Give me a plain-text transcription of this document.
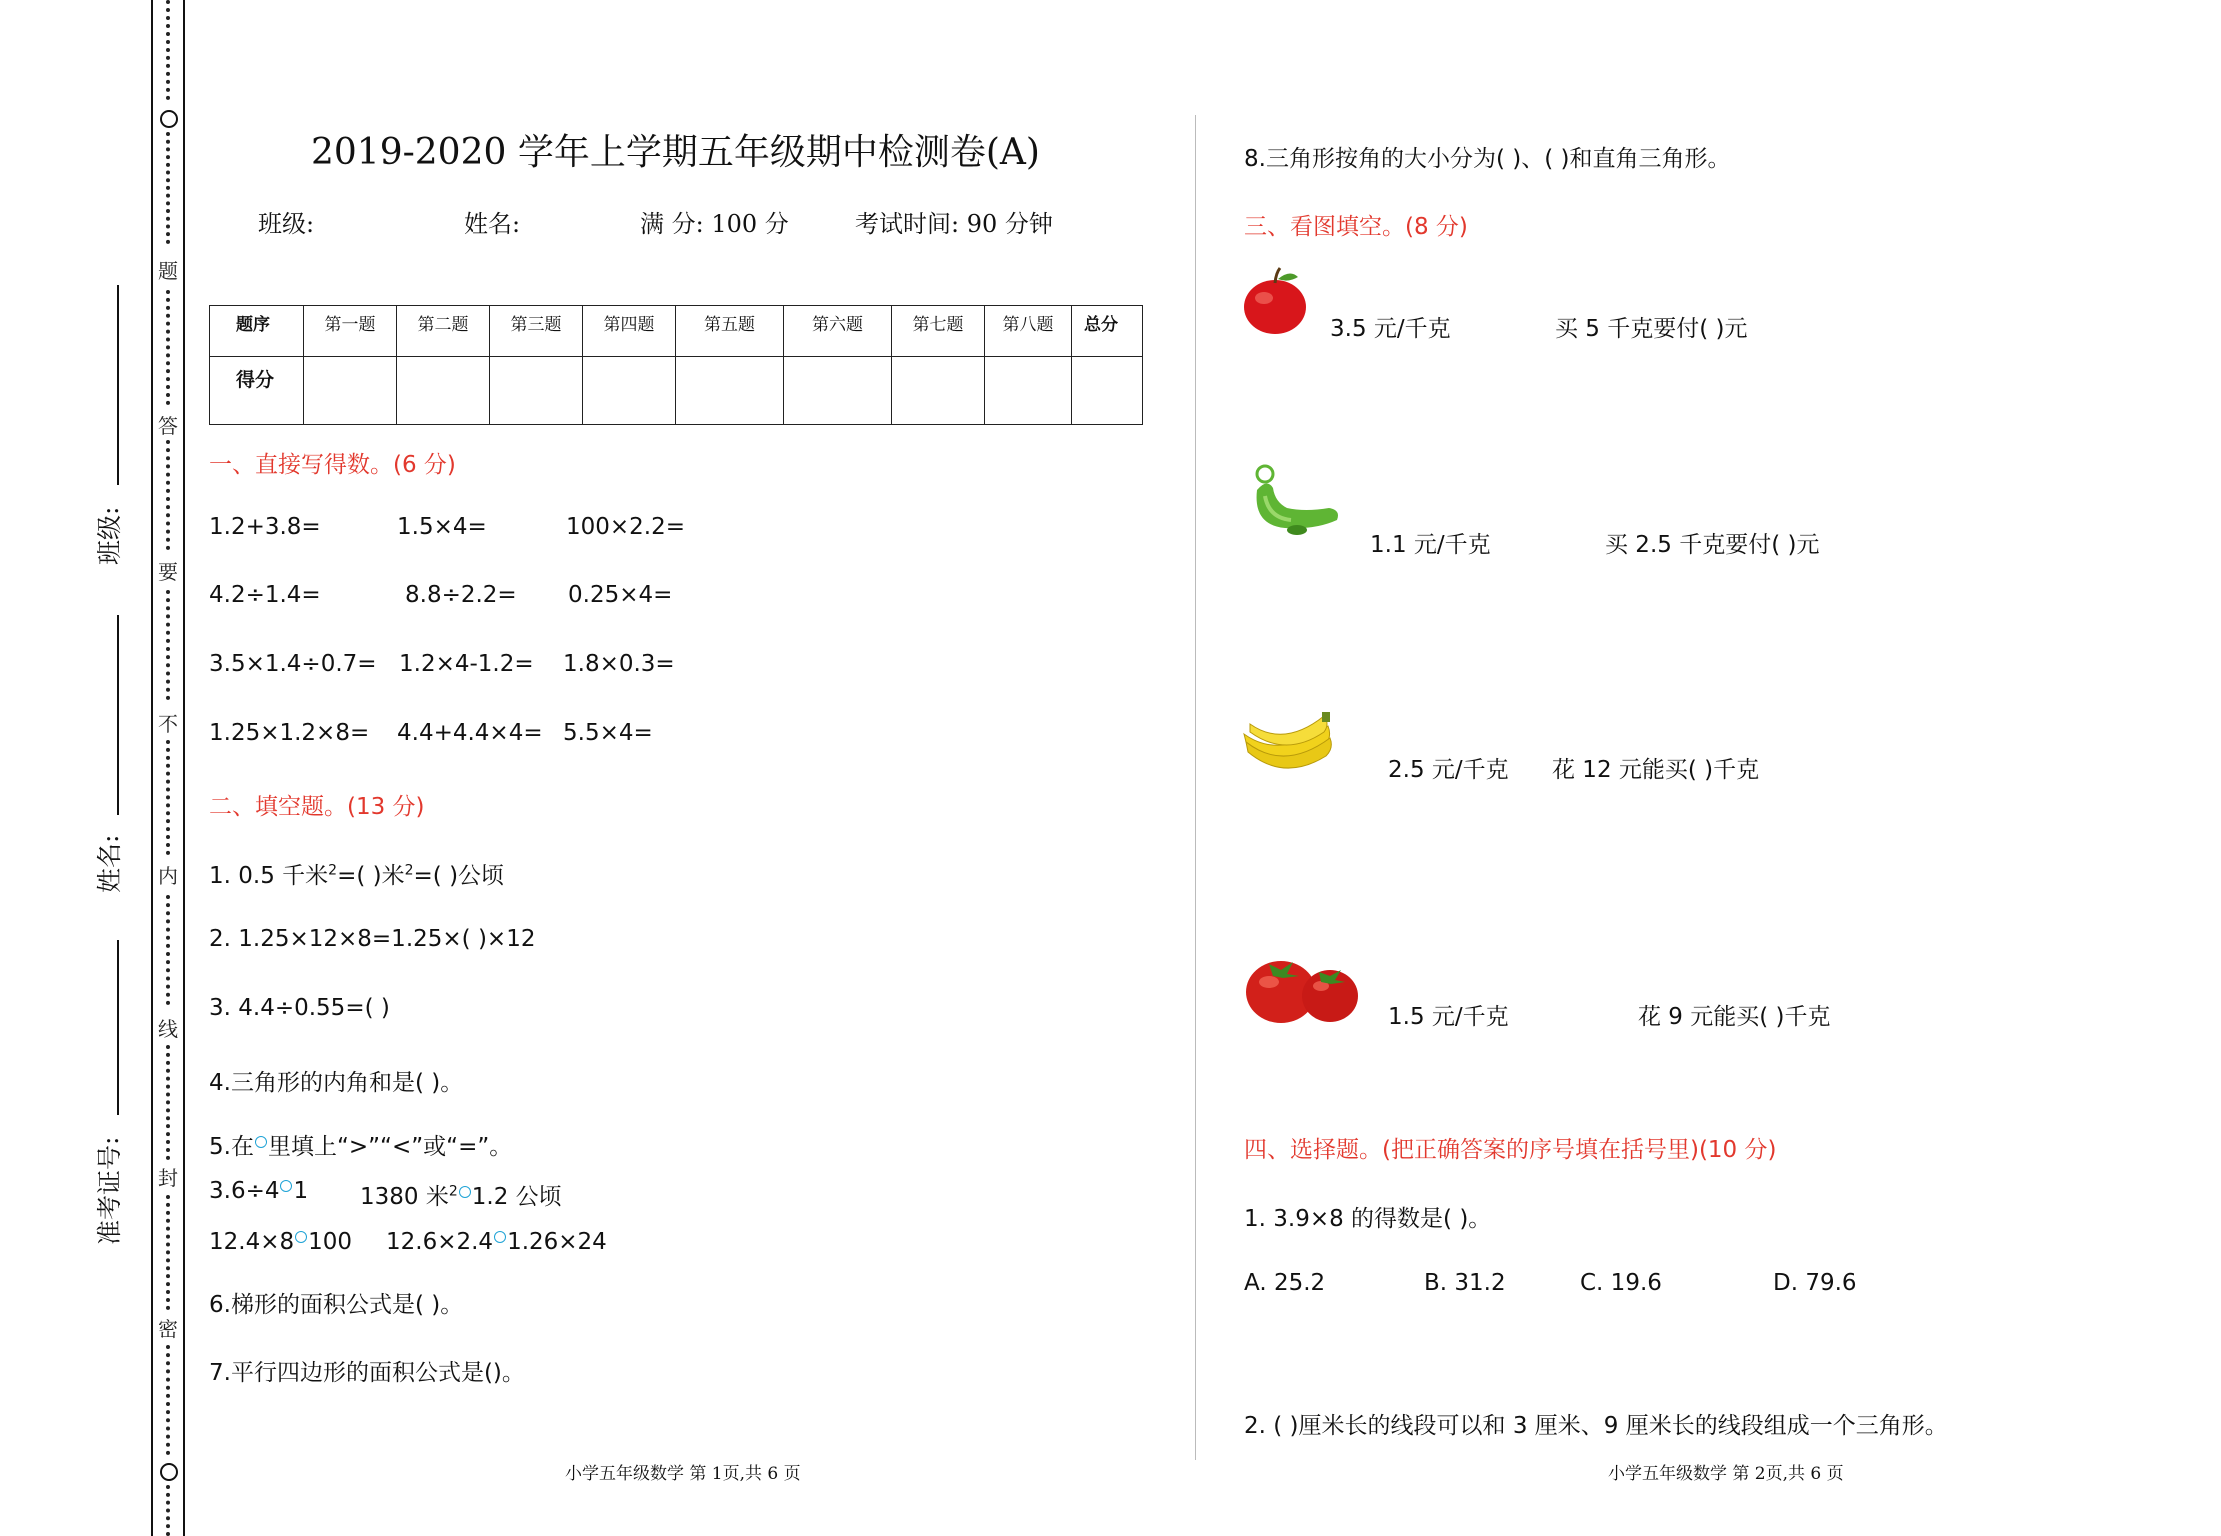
题
答
要
不
内
线
封
密
班级:
姓名:
准考证号:
2019-2020 学年上学期五年级期中检测卷(A)
班级:	姓名:	满 分: 100 分	考试时间: 90 分钟
题序	第一题	第二题	第三题	第四题	第五题	第六题	第七题	第八题	总分

得分									

一、直接写得数。(6 分)
1.2+3.8=	1.5×4=	100×2.2=
4.2÷1.4=	8.8÷2.2= 0.25×4=
3.5×1.4÷0.7= 1.2×4-1.2= 1.8×0.3=
1.25×1.2×8= 4.4+4.4×4= 5.5×4=
二、填空题。(13 分)
1. 0.5 千米$^2$=( )米$^2$=( )公顷
2. 1.25×12×8=1.25×( )×12
3. 4.4÷0.55=( )
4.三角形的内角和是( )。
5.在 里填上“>”“<”或“=”。
3.6÷4 1 1380 米$^2$ 1.2 公顷
12.4×8 100 12.6×2.4 1.26×24
6.梯形的面积公式是( )。
7.平行四边形的面积公式是()。
小学五年级数学 第 1页,共 6 页
8.三角形按角的大小分为( )、( )和直角三角形。
三、看图填空。(8 分)
3.5 元/千克	买 5 千克要付( )元
1.1 元/千克	买 2.5 千克要付( )元
2.5 元/千克 花 12 元能买( )千克
1.5 元/千克	花 9 元能买( )千克
四、选择题。(把正确答案的序号填在括号里)(10 分)
1. 3.9×8 的得数是( )。
A. 25.2	B. 31.2	C. 19.6	D. 79.6
2. ( )厘米长的线段可以和 3 厘米、9 厘米长的线段组成一个三角形。
小学五年级数学 第 2页,共 6 页
